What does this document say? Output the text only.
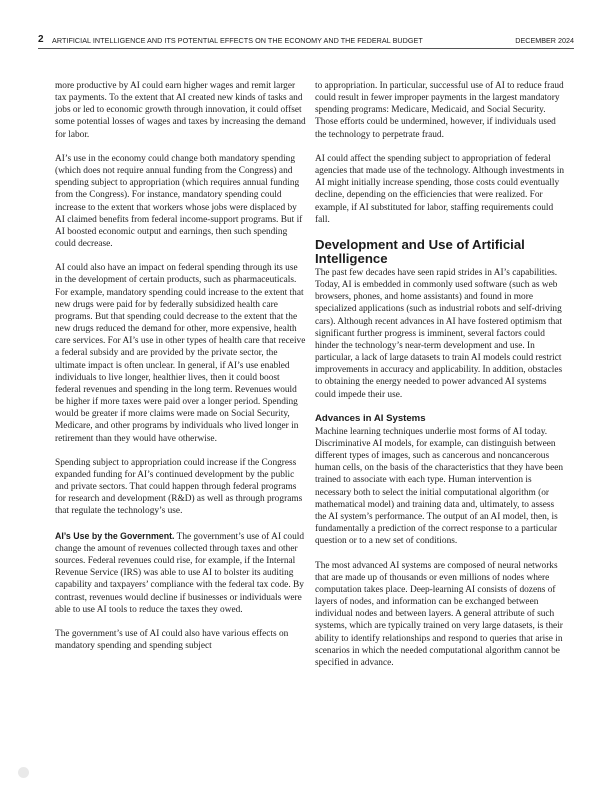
2 ARTIFICIAL INTELLIGENCE AND ITS POTENTIAL EFFECTS ON THE ECONOMY AND THE FEDERAL BUDGET	DECEMBER 2024

more productive by AI could earn higher wages and remit larger tax payments. To the extent that AI created new kinds of tasks and jobs or led to economic growth through innovation, it could offset some potential losses of wages and taxes by increasing the demand for labor.

AI’s use in the economy could change both mandatory spending (which does not require annual funding from the Congress) and spending subject to appropriation (which requires annual funding from the Congress). For instance, mandatory spending could increase to the extent that workers whose jobs were displaced by AI claimed benefits from federal income-support programs. But if AI boosted economic output and earnings, then such spending could decrease.

AI could also have an impact on federal spending through its use in the development of certain products, such as pharmaceuticals. For example, mandatory spending could increase to the extent that new drugs were paid for by federally subsidized health care programs. But that spending could decrease to the extent that the new drugs reduced the demand for other, more expensive, health care services. For AI’s use in other types of health care that receive a federal subsidy and are provided by the private sector, the ultimate impact is often unclear. In general, if AI’s use enabled individuals to live longer, healthier lives, then it could boost federal revenues and spending in the long term. Revenues would be higher if more taxes were paid over a longer period. Spending would be greater if more claims were made on Social Security, Medicare, and other programs by individuals who lived longer in retirement than they would have otherwise.

Spending subject to appropriation could increase if the Congress expanded funding for AI’s continued development by the public and private sectors. That could happen through federal programs for research and development (R&D) as well as through programs that regulate the technology’s use.

AI’s Use by the Government. The government’s use of AI could change the amount of revenues collected through taxes and other sources. Federal revenues could rise, for example, if the Internal Revenue Service (IRS) was able to use AI to bolster its auditing capability and taxpayers’ compliance with the federal tax code. By contrast, revenues would decline if businesses or individuals were able to use AI tools to reduce the taxes they owed.

The government’s use of AI could also have various effects on mandatory spending and spending subject

to appropriation. In particular, successful use of AI to reduce fraud could result in fewer improper payments in the largest mandatory spending programs: Medicare, Medicaid, and Social Security. Those efforts could be undermined, however, if individuals used the technology to perpetrate fraud.

AI could affect the spending subject to appropriation of federal agencies that made use of the technology. Although investments in AI might initially increase spending, those costs could eventually decline, depending on the efficiencies that were realized. For example, if AI substituted for labor, staffing requirements could fall.

Development and Use of Artificial Intelligence

The past few decades have seen rapid strides in AI’s capabilities. Today, AI is embedded in commonly used software (such as web browsers, phones, and home assistants) and found in more specialized applications (such as industrial robots and self-driving cars). Although recent advances in AI have fostered optimism that significant further progress is imminent, several factors could hinder the technology’s near-term development and use. In particular, a lack of large datasets to train AI models could restrict improvements in accuracy and applicability. In addition, obstacles to obtaining the energy needed to power advanced AI systems could impede their use.

Advances in AI Systems

Machine learning techniques underlie most forms of AI today. Discriminative AI models, for example, can distinguish between different types of images, such as cancerous and noncancerous human cells, on the basis of the characteristics that they have been trained to associate with each type. Human intervention is necessary both to select the initial computational algorithm (or mathematical model) and training data and, ultimately, to assess the AI system’s performance. The output of an AI model, then, is fundamentally a prediction of the correct response to a particular question or to a new set of conditions.

The most advanced AI systems are composed of neural networks that are made up of thousands or even millions of nodes where computation takes place. Deep-learning AI consists of dozens of layers of nodes, and information can be exchanged between individual nodes and between layers. A general attribute of such systems, which are typically trained on very large datasets, is their ability to identify relationships and respond to queries that arise in scenarios in which the needed computational algorithm cannot be specified in advance.
